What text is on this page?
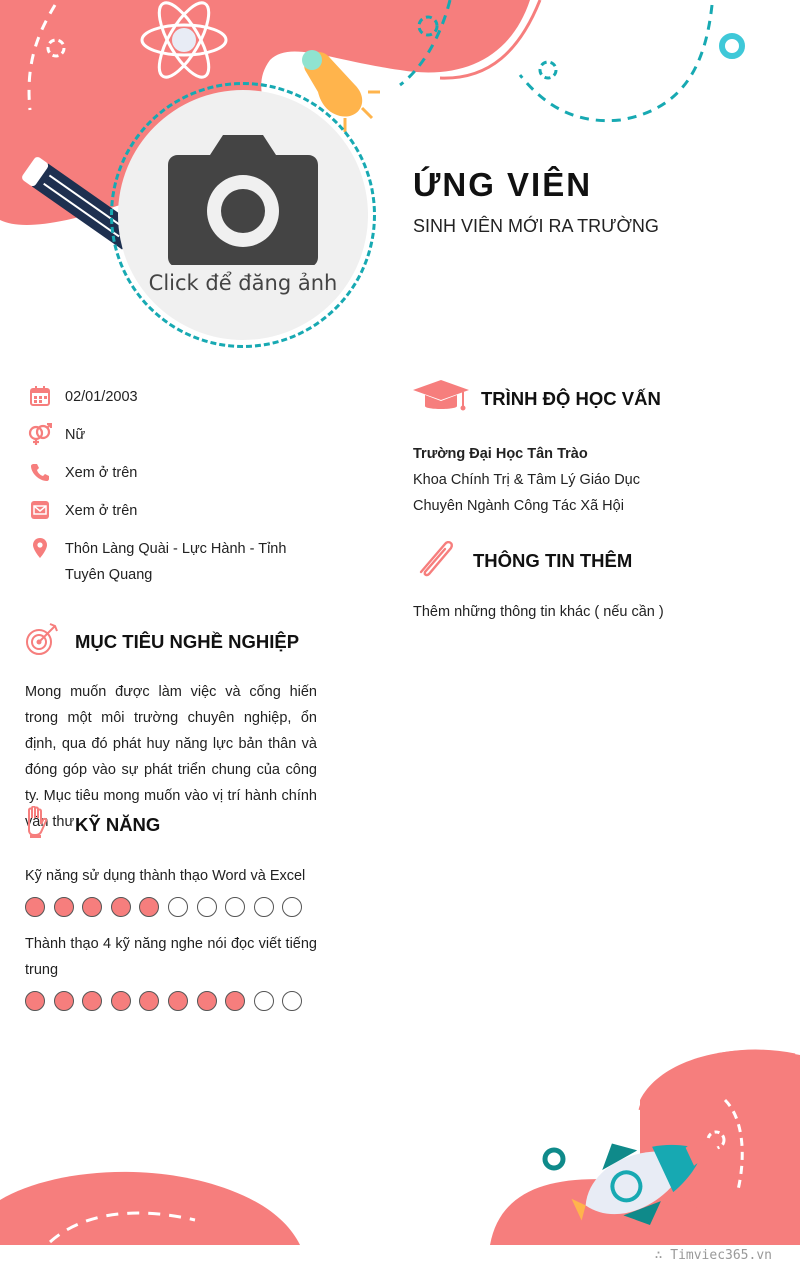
Click để đăng ảnh
ỨNG VIÊN
SINH VIÊN MỚI RA TRƯỜNG
02/01/2003
Nữ
Xem ở trên
Xem ở trên
Thôn Làng Quài - Lực Hành - Tỉnh Tuyên Quang
MỤC TIÊU NGHỀ NGHIỆP
Mong muốn được làm việc và cống hiến trong một môi trường chuyên nghiệp, ổn định, qua đó phát huy năng lực bản thân và đóng góp vào sự phát triển chung của công ty. Mục tiêu mong muốn vào vị trí hành chính văn thư KỸ NĂNG
Kỹ năng sử dụng thành thạo Word và Excel
Thành thạo 4 kỹ năng nghe nói đọc viết tiếng trung
TRÌNH ĐỘ HỌC VẤN
Trường Đại Học Tân Trào
Khoa Chính Trị & Tâm Lý Giáo Dục
Chuyên Ngành Công Tác Xã Hội
THÔNG TIN THÊM
Thêm những thông tin khác ( nếu cần )
∴ Timviec365.vn
